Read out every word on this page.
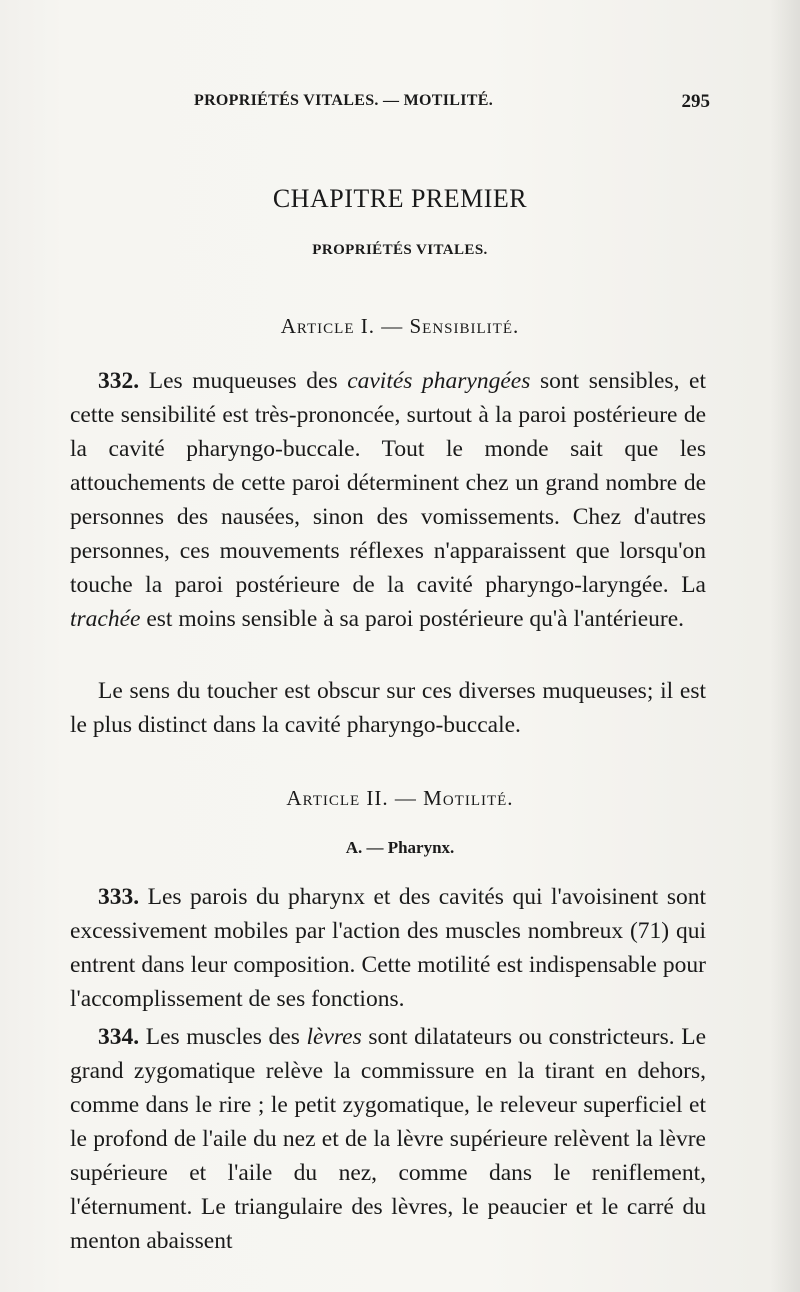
PROPRIÉTÉS VITALES. — MOTILITÉ.	295
CHAPITRE PREMIER
PROPRIÉTÉS VITALES.
Article I. — Sensibilité.

332. Les muqueuses des cavités pharyngées sont sensibles, et cette sensibilité est très-prononcée, surtout à la paroi postérieure de la cavité pharyngo-buccale. Tout le monde sait que les attouchements de cette paroi déterminent chez un grand nombre de personnes des nausées, sinon des vomissements. Chez d'autres personnes, ces mouvements réflexes n'apparaissent que lorsqu'on touche la paroi postérieure de la cavité pharyngo-laryngée. La trachée est moins sensible à sa paroi postérieure qu'à l'antérieure.

Le sens du toucher est obscur sur ces diverses muqueuses; il est le plus distinct dans la cavité pharyngo-buccale.

Article II. — Motilité.
A. — Pharynx.

333. Les parois du pharynx et des cavités qui l'avoisinent sont excessivement mobiles par l'action des muscles nombreux (71) qui entrent dans leur composition. Cette motilité est indispensable pour l'accomplissement de ses fonctions.

334. Les muscles des lèvres sont dilatateurs ou constricteurs. Le grand zygomatique relève la commissure en la tirant en dehors, comme dans le rire ; le petit zygomatique, le releveur superficiel et le profond de l'aile du nez et de la lèvre supérieure relèvent la lèvre supérieure et l'aile du nez, comme dans le reniflement, l'éternument. Le triangulaire des lèvres, le peaucier et le carré du menton abaissent
